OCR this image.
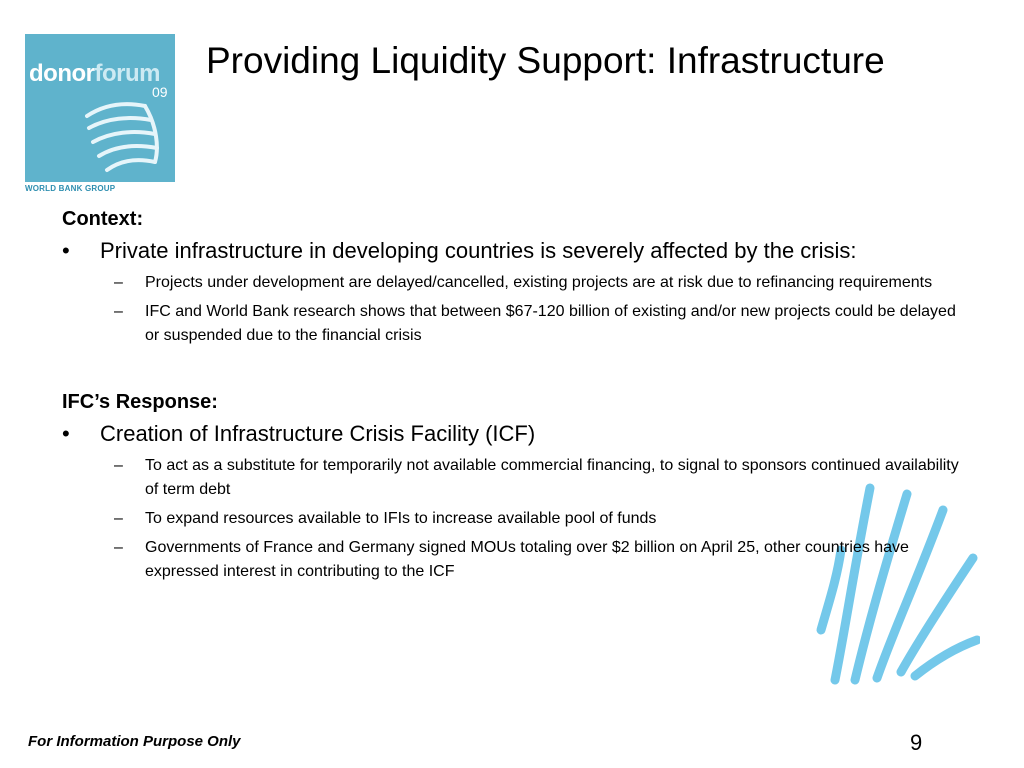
donorforum
09
WORLD BANK GROUP
Providing Liquidity Support: Infrastructure
Context:
• Private infrastructure in developing countries is severely affected by the crisis:
– Projects under development are delayed/cancelled, existing projects are at risk due to refinancing requirements
– IFC and World Bank research shows that between $67-120 billion of existing and/or new projects could be delayed or suspended due to the financial crisis
IFC’s Response:
• Creation of Infrastructure Crisis Facility (ICF)
– To act as a substitute for temporarily not available commercial financing, to signal to sponsors continued availability of term debt
– To expand resources available to IFIs to increase available pool of funds
– Governments of France and Germany signed MOUs totaling over $2 billion on April 25, other countries have expressed interest in contributing to the ICF
For Information Purpose Only	9
